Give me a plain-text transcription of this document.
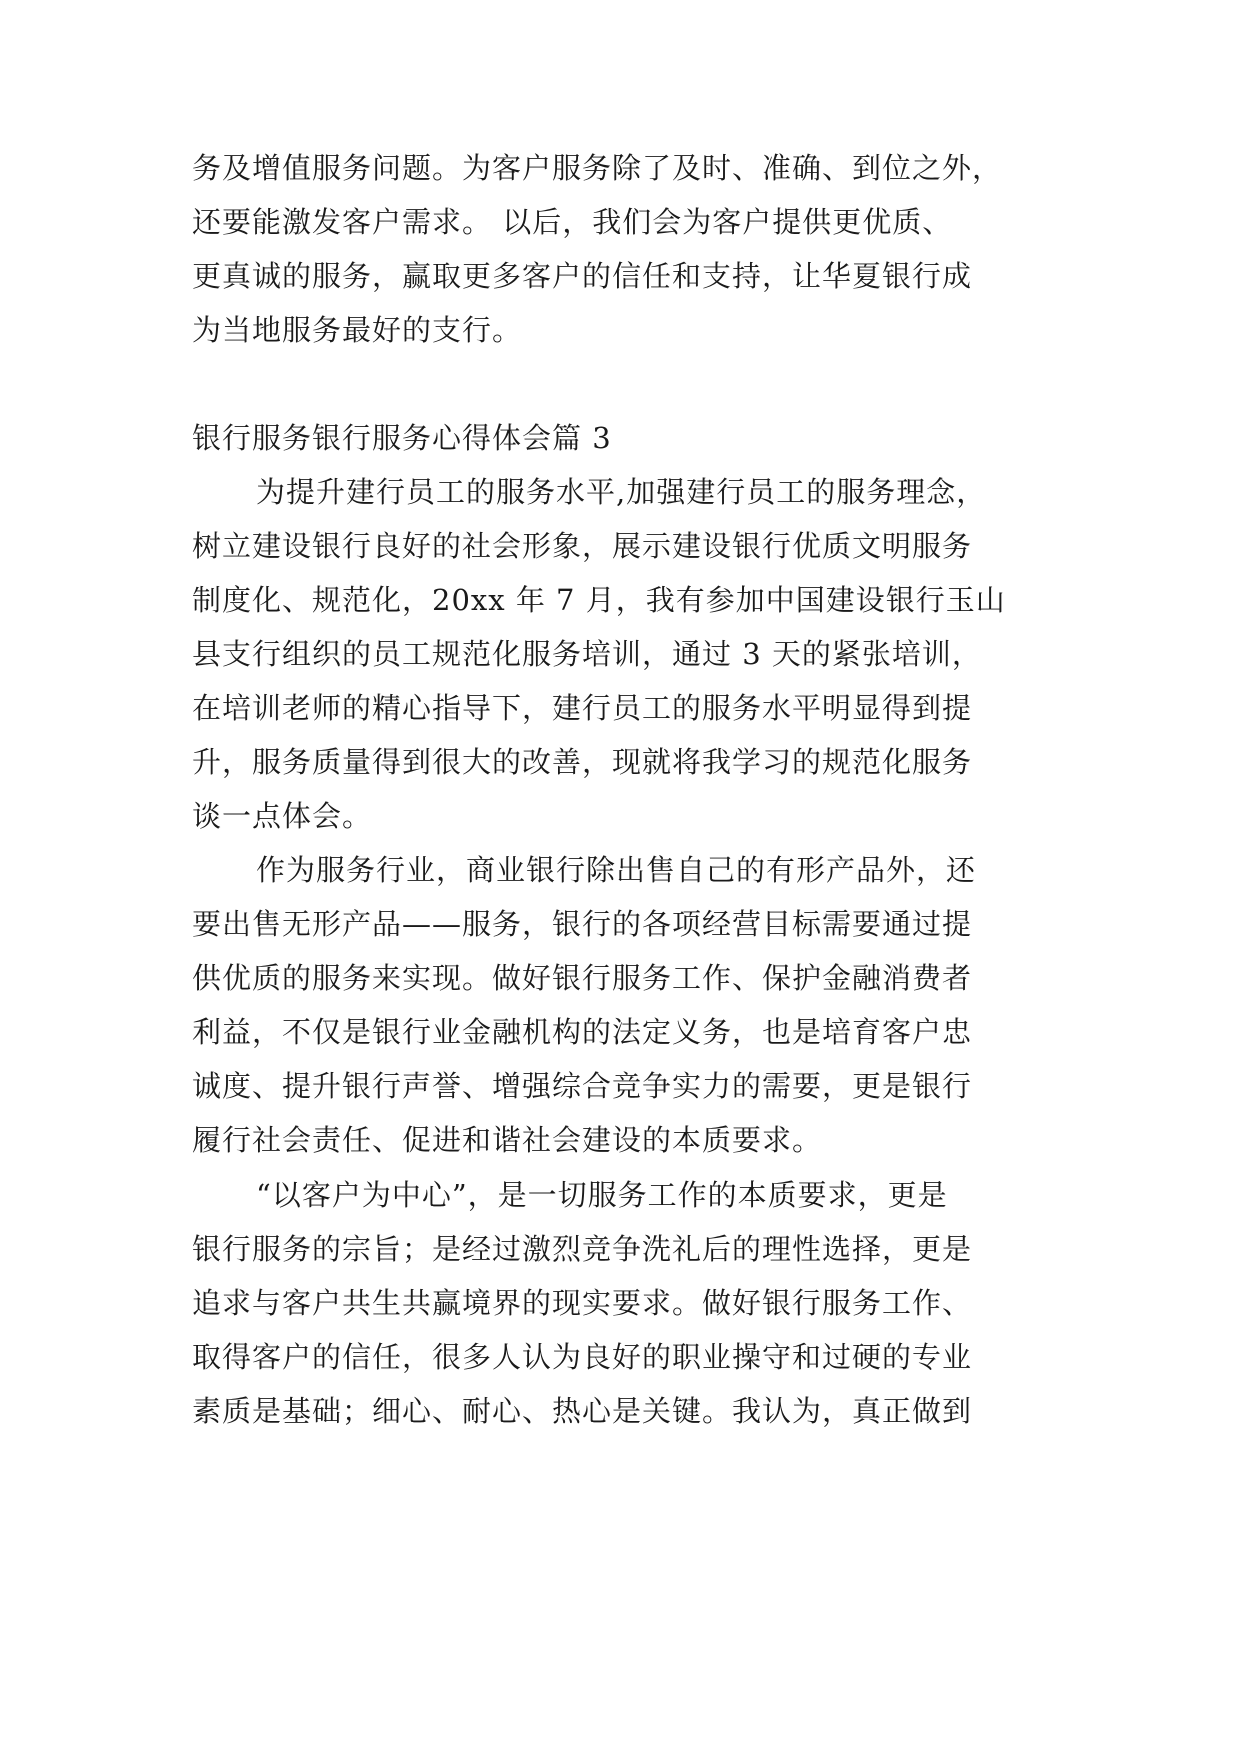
务及增值服务问题。为客户服务除了及时、准确、到位之外，
还要能激发客户需求。 以后，我们会为客户提供更优质、
更真诚的服务，赢取更多客户的信任和支持，让华夏银行成
为当地服务最好的支行。
银行服务银行服务心得体会篇 3
为提升建行员工的服务水平,加强建行员工的服务理念，
树立建设银行良好的社会形象，展示建设银行优质文明服务
制度化、规范化，20xx 年 7 月，我有参加中国建设银行玉山
县支行组织的员工规范化服务培训，通过 3 天的紧张培训，
在培训老师的精心指导下，建行员工的服务水平明显得到提
升，服务质量得到很大的改善，现就将我学习的规范化服务
谈一点体会。
作为服务行业，商业银行除出售自己的有形产品外，还
要出售无形产品——服务，银行的各项经营目标需要通过提
供优质的服务来实现。做好银行服务工作、保护金融消费者
利益，不仅是银行业金融机构的法定义务，也是培育客户忠
诚度、提升银行声誉、增强综合竞争实力的需要，更是银行
履行社会责任、促进和谐社会建设的本质要求。
“以客户为中心”，是一切服务工作的本质要求，更是
银行服务的宗旨；是经过激烈竞争洗礼后的理性选择，更是
追求与客户共生共赢境界的现实要求。做好银行服务工作、
取得客户的信任，很多人认为良好的职业操守和过硬的专业
素质是基础；细心、耐心、热心是关键。我认为，真正做到
